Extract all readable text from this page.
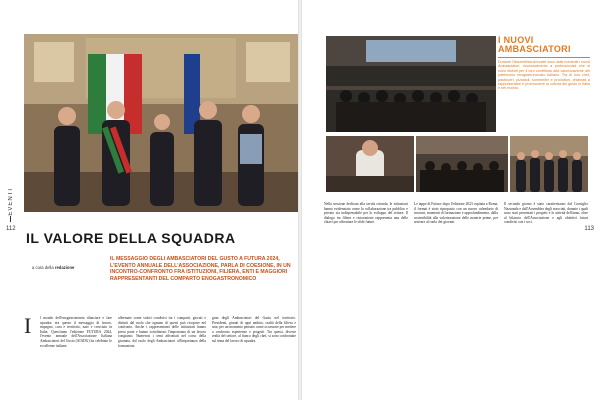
EVENTI
112
IL VALORE DELLA SQUADRA
a cura della redazione

IL MESSAGGIO DEGLI AMBASCIATORI DEL GUSTO A FUTURA 2024, L'EVENTO ANNUALE DELL'ASSOCIAZIONE, PARLA DI COESIONE, IN UN INCONTRO-CONFRONTO FRA ISTITUZIONI, FILIERA, ENTI E MAGGIORI RAPPRESENTANTI DEL COMPARTO ENOGASTRONOMICO

I l mondo dell'enogastronomia rilanciare e fare squadra: era questo il messaggio di lavoro, impegno, cura e territorio, nato e cresciuto in Italia. Quest'anno l'edizione FUTURA 2024, l'evento annuale dell'Associazione Italiana Ambasciatori del Gusto (AIADG) ha celebrato le eccellenze italiane.

affermate come valori condivisi tra i comparti, giocati e distinti dal ruolo che ognuno di questi può ricoprire nel confronto. Anche i rappresentanti delle istituzioni hanno preso parte e hanno sottolineato l'importanza di un lavoro congiunto. Numerosi i temi affrontati nel corso della giornata, dal ruolo degli Ambasciatori all'importanza della formazione.

gran degli Ambasciatori del Gusto nel territorio. Presidenti, giurati di ogni ambito, realtà della filiera e non, per un momento pensato come occasione per mettere a confronto esperienze e progetti. Tra questi, diverse realtà del settore, al fianco degli chef, si sono confrontate sul tema del lavoro di squadra.

I NUOVI AMBASCIATORI

Durante l'Assemblea Annuale sono stati nominati i nuovi Ambasciatori, riconoscimento a professionisti che si sono distinti per il loro contributo alla valorizzazione del patrimonio enogastronomico italiano. Tra di loro chef, pasticceri, pizzaioli, sommelier e produttori, chiamati a rappresentare e promuovere la cultura del gusto in Italia e nel mondo.

113

Nella sessione dedicata alla tavola rotonda, le istituzioni hanno evidenziato come la collaborazione tra pubblico e privato sia indispensabile per lo sviluppo del settore. Il dialogo tra filiera e ristorazione rappresenta una delle chiavi per affrontare le sfide future.

Le tappe di Futura: dopo l'edizione 2023 ospitata a Roma, il format è stato riproposto con un nuovo calendario di incontri, momenti di formazione e approfondimento, dalla sostenibilità alla valorizzazione delle materie prime, per arrivare al ruolo dei giovani.

Il secondo giorno è stato caratterizzato dal Consiglio Nazionale e dall'Assemblea degli associati, durante i quali sono stati presentati i progetti e le attività dell'anno, oltre al bilancio dell'Associazione e agli obiettivi futuri condivisi con i soci.
